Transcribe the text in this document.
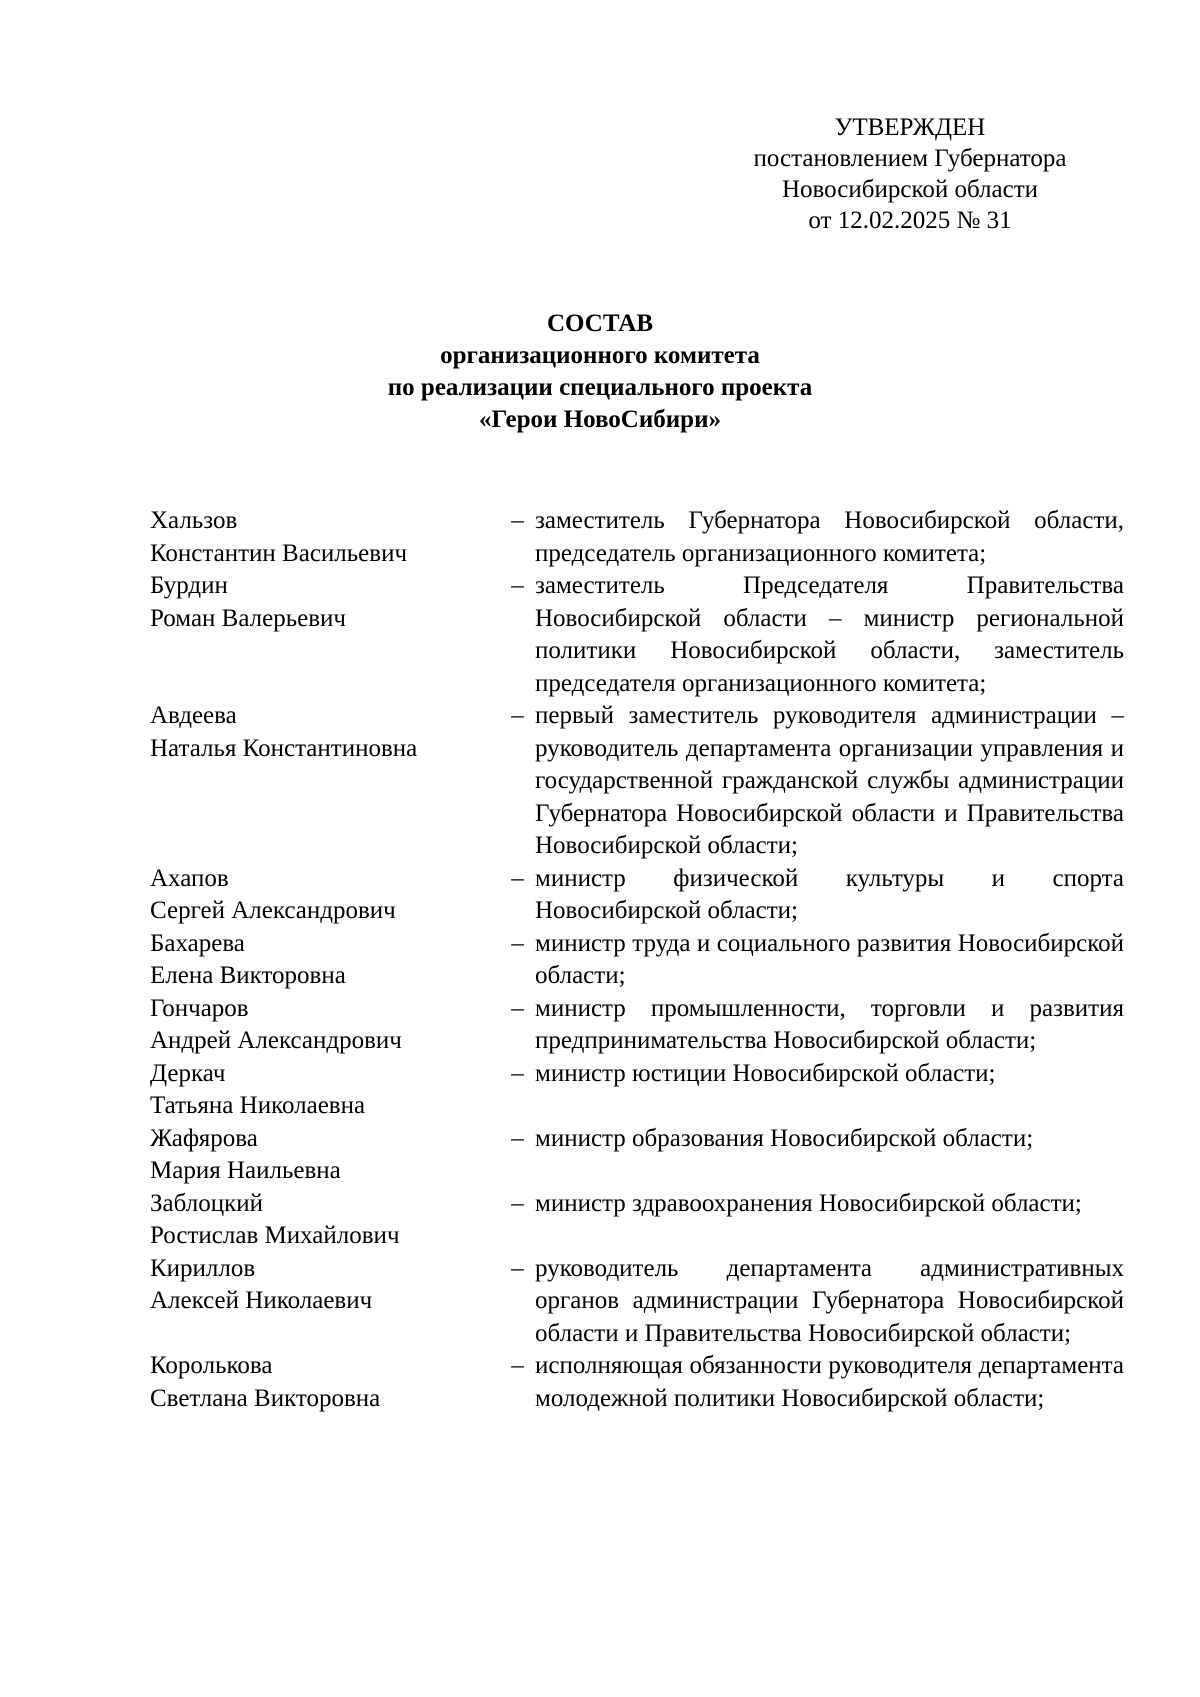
УТВЕРЖДЕН
постановлением Губернатора
Новосибирской области
от 12.02.2025 № 31
СОСТАВ
организационного комитета
по реализации специального проекта
«Герои НовоСибири»
Хальзов
Константин Васильевич
– заместитель Губернатора Новосибирской области, председатель организационного комитета;
Бурдин
Роман Валерьевич
– заместитель Председателя Правительства Новосибирской области – министр региональной политики Новосибирской области, заместитель председателя организационного комитета;
Авдеева
Наталья Константиновна
– первый заместитель руководителя администрации – руководитель департамента организации управления и государственной гражданской службы администрации Губернатора Новосибирской области и Правительства Новосибирской области;
Ахапов
Сергей Александрович
– министр физической культуры и спорта Новосибирской области;
Бахарева
Елена Викторовна
– министр труда и социального развития Новосибирской области;
Гончаров
Андрей Александрович
– министр промышленности, торговли и развития предпринимательства Новосибирской области;
Деркач
Татьяна Николаевна
– министр юстиции Новосибирской области;
Жафярова
Мария Наильевна
– министр образования Новосибирской области;
Заблоцкий
Ростислав Михайлович
– министр здравоохранения Новосибирской области;
Кириллов
Алексей Николаевич
– руководитель департамента административных органов администрации Губернатора Новосибирской области и Правительства Новосибирской области;
Королькова
Светлана Викторовна
– исполняющая обязанности руководителя департамента молодежной политики Новосибирской области;
